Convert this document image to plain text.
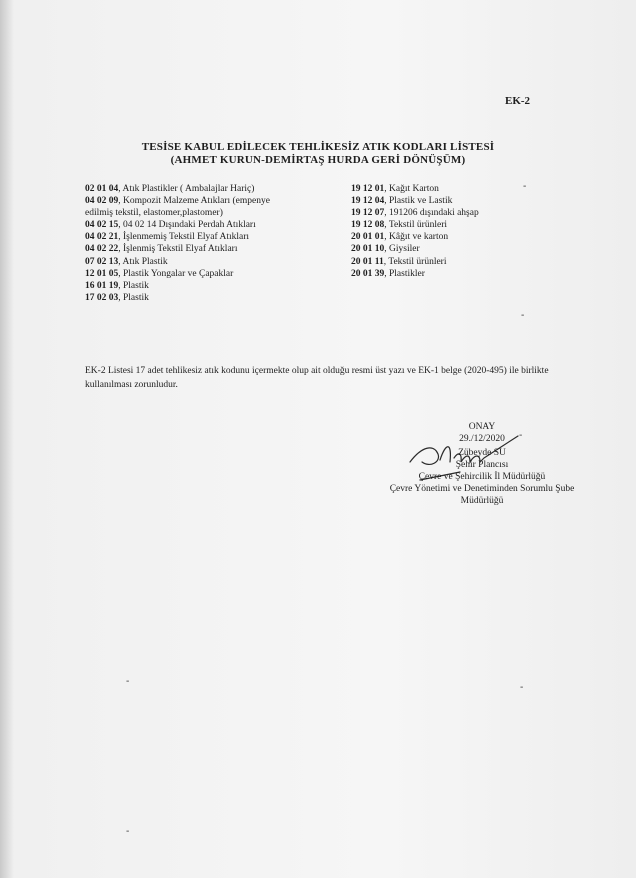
EK-2
TESİSE KABUL EDİLECEK TEHLİKESİZ ATIK KODLARI LİSTESİ
(AHMET KURUN-DEMİRTAŞ HURDA GERİ DÖNÜŞÜM)
02 01 04, Atık Plastikler ( Ambalajlar Hariç)
04 02 09, Kompozit Malzeme Atıkları (empenye
edilmiş tekstil, elastomer,plastomer)
04 02 15, 04 02 14 Dışındaki Perdah Atıkları
04 02 21, İşlenmemiş Tekstil Elyaf Atıkları
04 02 22, İşlenmiş Tekstil Elyaf Atıkları
07 02 13, Atık Plastik
12 01 05, Plastik Yongalar ve Çapaklar
16 01 19, Plastik
17 02 03, Plastik
19 12 01, Kağıt Karton
19 12 04, Plastik ve Lastik
19 12 07, 191206 dışındaki ahşap
19 12 08, Tekstil ürünleri
20 01 01, Kâğıt ve karton
20 01 10, Giysiler
20 01 11, Tekstil ürünleri
20 01 39, Plastikler
EK-2 Listesi 17 adet tehlikesiz atık kodunu içermekte olup ait olduğu resmi üst yazı ve EK-1 belge (2020-495) ile birlikte kullanılması zorunludur.
ONAY
29./12/2020
Zübeyde SU
Şehir Plancısı
Çevre ve Şehircilik İl Müdürlüğü
Çevre Yönetimi ve Denetiminden Sorumlu Şube
Müdürlüğü
-
-
-
-
-
-
